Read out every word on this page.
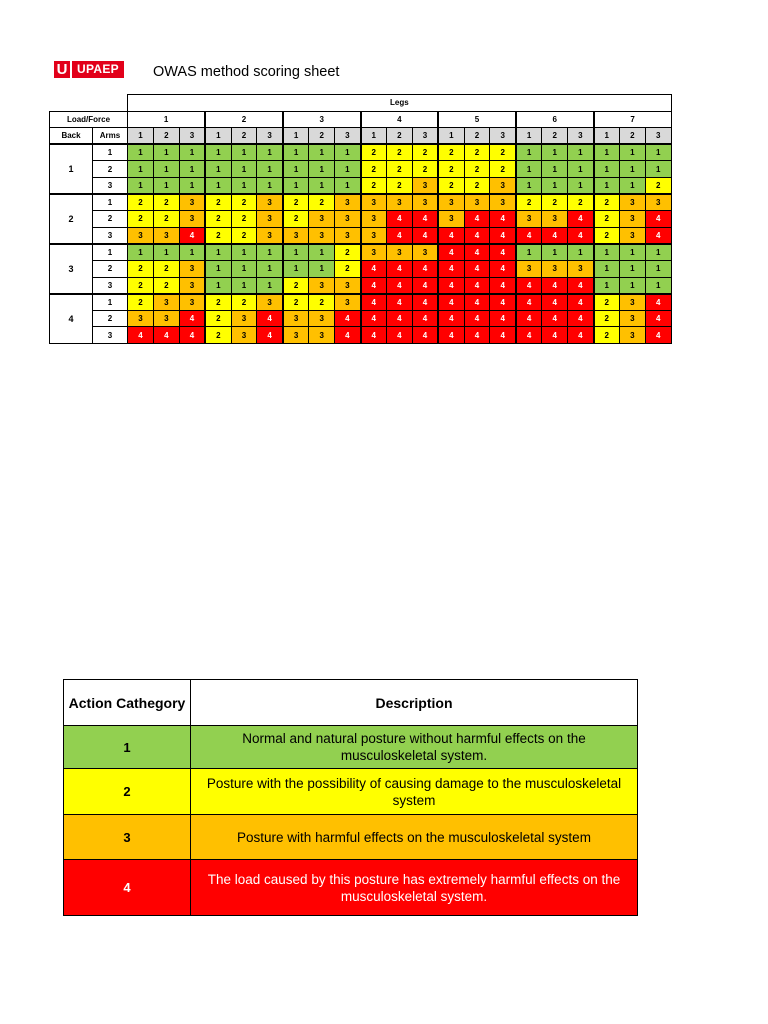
U UPAEP	OWAS method scoring sheet
		Legs																				
Load/Force		1			2			3			4			5			6			7		
Back	Arms	1	2	3	1	2	3	1	2	3	1	2	3	1	2	3	1	2	3	1	2	3
1	1	1	1	1	1	1	1	1	1	1	2	2	2	2	2	2	1	1	1	1	1	1
	2	1	1	1	1	1	1	1	1	1	2	2	2	2	2	2	1	1	1	1	1	1
	3	1	1	1	1	1	1	1	1	1	2	2	3	2	2	3	1	1	1	1	1	2
2	1	2	2	3	2	2	3	2	2	3	3	3	3	3	3	3	2	2	2	2	3	3
	2	2	2	3	2	2	3	2	3	3	3	4	4	3	4	4	3	3	4	2	3	4
	3	3	3	4	2	2	3	3	3	3	3	4	4	4	4	4	4	4	4	2	3	4
3	1	1	1	1	1	1	1	1	1	2	3	3	3	4	4	4	1	1	1	1	1	1
	2	2	2	3	1	1	1	1	1	2	4	4	4	4	4	4	3	3	3	1	1	1
	3	2	2	3	1	1	1	2	3	3	4	4	4	4	4	4	4	4	4	1	1	1
4	1	2	3	3	2	2	3	2	2	3	4	4	4	4	4	4	4	4	4	2	3	4
	2	3	3	4	2	3	4	3	3	4	4	4	4	4	4	4	4	4	4	2	3	4
	3	4	4	4	2	3	4	3	3	4	4	4	4	4	4	4	4	4	4	2	3	4
Action Cathegory	Description
1	Normal and natural posture without harmful effects on the musculoskeletal system.
2	Posture with the possibility of causing damage to the musculoskeletal system
3	Posture with harmful effects on the musculoskeletal system
4	The load caused by this posture has extremely harmful effects on the musculoskeletal system.
